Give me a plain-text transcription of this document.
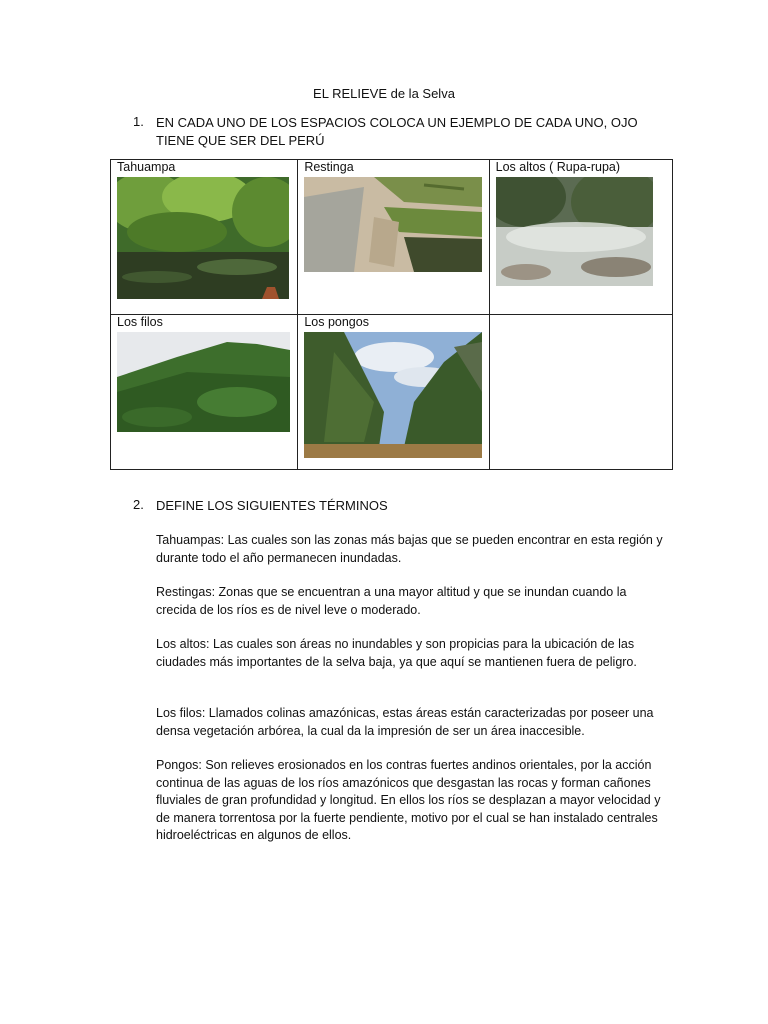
EL RELIEVE de la Selva
1. EN CADA UNO DE LOS ESPACIOS COLOCA UN EJEMPLO DE CADA UNO, OJO TIENE QUE SER DEL PERÚ
Tahuampa	Restinga	Los altos ( Rupa-rupa)

Los filos	Los pongos	

2. DEFINE LOS SIGUIENTES TÉRMINOS

Tahuampas: Las cuales son las zonas más bajas que se pueden encontrar en esta región y durante todo el año permanecen inundadas.

Restingas: Zonas que se encuentran a una mayor altitud y que se inundan cuando la crecida de los ríos es de nivel leve o moderado.

Los altos: Las cuales son áreas no inundables y son propicias para la ubicación de las ciudades más importantes de la selva baja, ya que aquí se mantienen fuera de peligro.

Los filos: Llamados colinas amazónicas, estas áreas están caracterizadas por poseer una densa vegetación arbórea, la cual da la impresión de ser un área inaccesible.

Pongos: Son relieves erosionados en los contras fuertes andinos orientales, por la acción continua de las aguas de los ríos amazónicos que desgastan las rocas y forman cañones fluviales de gran profundidad y longitud. En ellos los ríos se desplazan a mayor velocidad y de manera torrentosa por la fuerte pendiente, motivo por el cual se han instalado centrales hidroeléctricas en algunos de ellos.
